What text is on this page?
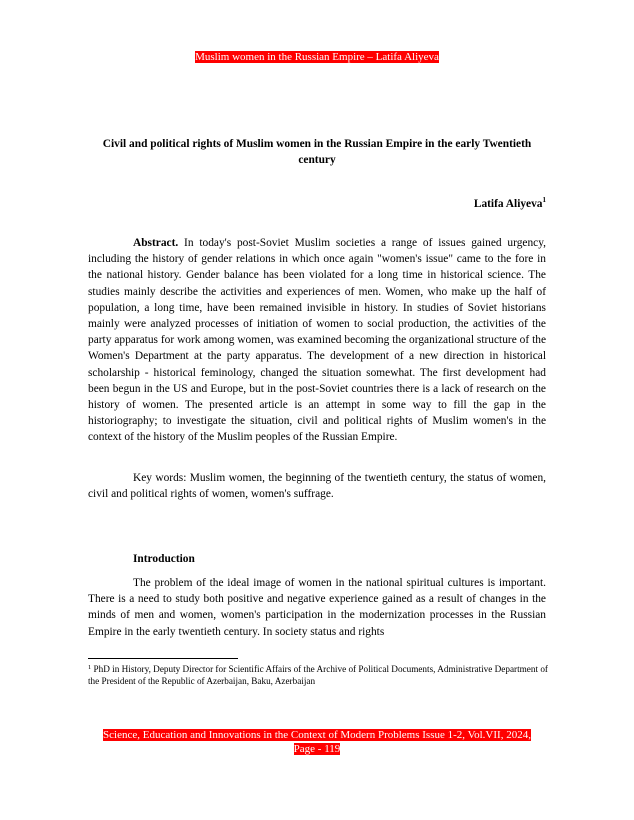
Muslim women in the Russian Empire – Latifa Aliyeva
Civil and political rights of Muslim women in the Russian Empire in the early Twentieth century
Latifa Aliyeva$^1$

Abstract. In today's post-Soviet Muslim societies a range of issues gained urgency, including the history of gender relations in which once again "women's issue" came to the fore in the national history. Gender balance has been violated for a long time in historical science. The studies mainly describe the activities and experiences of men. Women, who make up the half of population, a long time, have been remained invisible in history. In studies of Soviet historians mainly were analyzed processes of initiation of women to social production, the activities of the party apparatus for work among women, was examined becoming the organizational structure of the Women's Department at the party apparatus. The development of a new direction in historical scholarship - historical feminology, changed the situation somewhat. The first development had been begun in the US and Europe, but in the post-Soviet countries there is a lack of research on the history of women. The presented article is an attempt in some way to fill the gap in the historiography; to investigate the situation, civil and political rights of Muslim women's in the context of the history of the Muslim peoples of the Russian Empire.

Key words: Muslim women, the beginning of the twentieth century, the status of women, civil and political rights of women, women's suffrage.

Introduction

The problem of the ideal image of women in the national spiritual cultures is important. There is a need to study both positive and negative experience gained as a result of changes in the minds of men and women, women's participation in the modernization processes in the Russian Empire in the early twentieth century. In society status and rights

$^1$ PhD in History, Deputy Director for Scientific Affairs of the Archive of Political Documents, Administrative Department of the President of the Republic of Azerbaijan, Baku, Azerbaijan

Science, Education and Innovations in the Context of Modern Problems Issue 1-2, Vol.VII, 2024,
Page - 119
